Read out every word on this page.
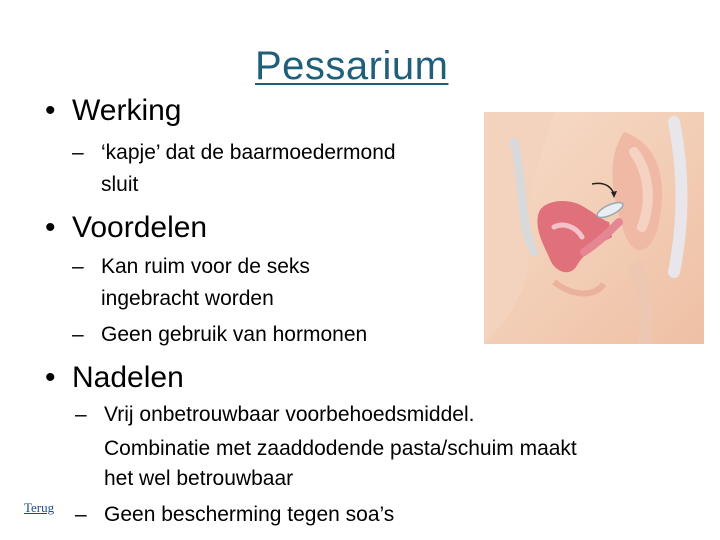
Pessarium
• Werking
– ‘kapje’ dat de baarmoedermond
sluit
• Voordelen
– Kan ruim voor de seks
ingebracht worden
– Geen gebruik van hormonen
• Nadelen
– Vrij onbetrouwbaar voorbehoedsmiddel.
Combinatie met zaaddodende pasta/schuim maakt
het wel betrouwbaar
– Geen bescherming tegen soa’s
Terug
